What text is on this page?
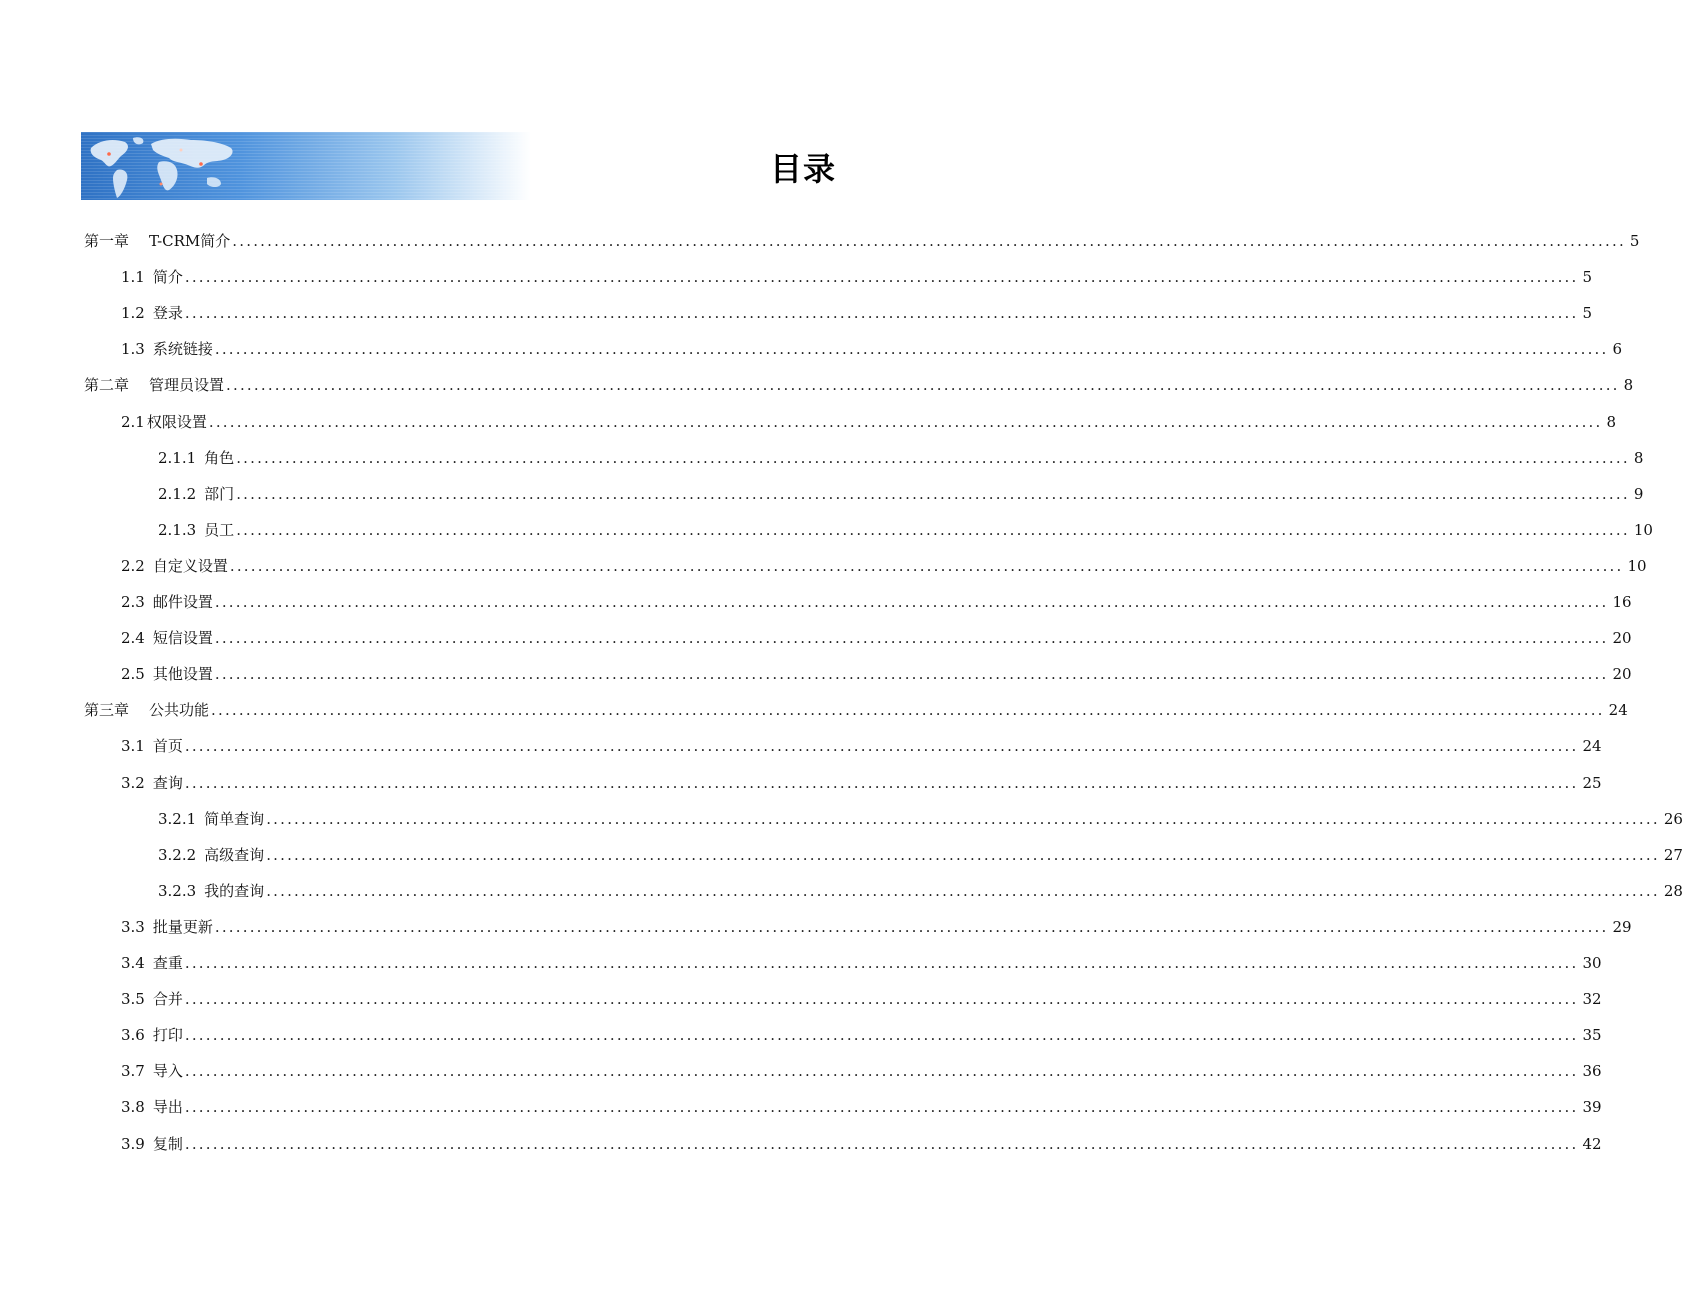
目录
第一章 T-CRM简介 ........................................................................................................................................................................................................ 5
1.1 简介 ........................................................................................................................................................................................................ 5
1.2 登录 ........................................................................................................................................................................................................ 5
1.3 系统链接 ........................................................................................................................................................................................................ 6
第二章 管理员设置 ........................................................................................................................................................................................................ 8
2.1 权限设置 ........................................................................................................................................................................................................ 8
2.1.1 角色 ........................................................................................................................................................................................................ 8
2.1.2 部门 ........................................................................................................................................................................................................ 9
2.1.3 员工 ........................................................................................................................................................................................................ 10
2.2 自定义设置 ........................................................................................................................................................................................................ 10
2.3 邮件设置 ........................................................................................................................................................................................................ 16
2.4 短信设置 ........................................................................................................................................................................................................ 20
2.5 其他设置 ........................................................................................................................................................................................................ 20
第三章 公共功能 ........................................................................................................................................................................................................ 24
3.1 首页 ........................................................................................................................................................................................................ 24
3.2 查询 ........................................................................................................................................................................................................ 25
3.2.1 简单查询 ........................................................................................................................................................................................................ 26
3.2.2 高级查询 ........................................................................................................................................................................................................ 27
3.2.3 我的查询 ........................................................................................................................................................................................................ 28
3.3 批量更新 ........................................................................................................................................................................................................ 29
3.4 查重 ........................................................................................................................................................................................................ 30
3.5 合并 ........................................................................................................................................................................................................ 32
3.6 打印 ........................................................................................................................................................................................................ 35
3.7 导入 ........................................................................................................................................................................................................ 36
3.8 导出 ........................................................................................................................................................................................................ 39
3.9 复制 ........................................................................................................................................................................................................ 42
